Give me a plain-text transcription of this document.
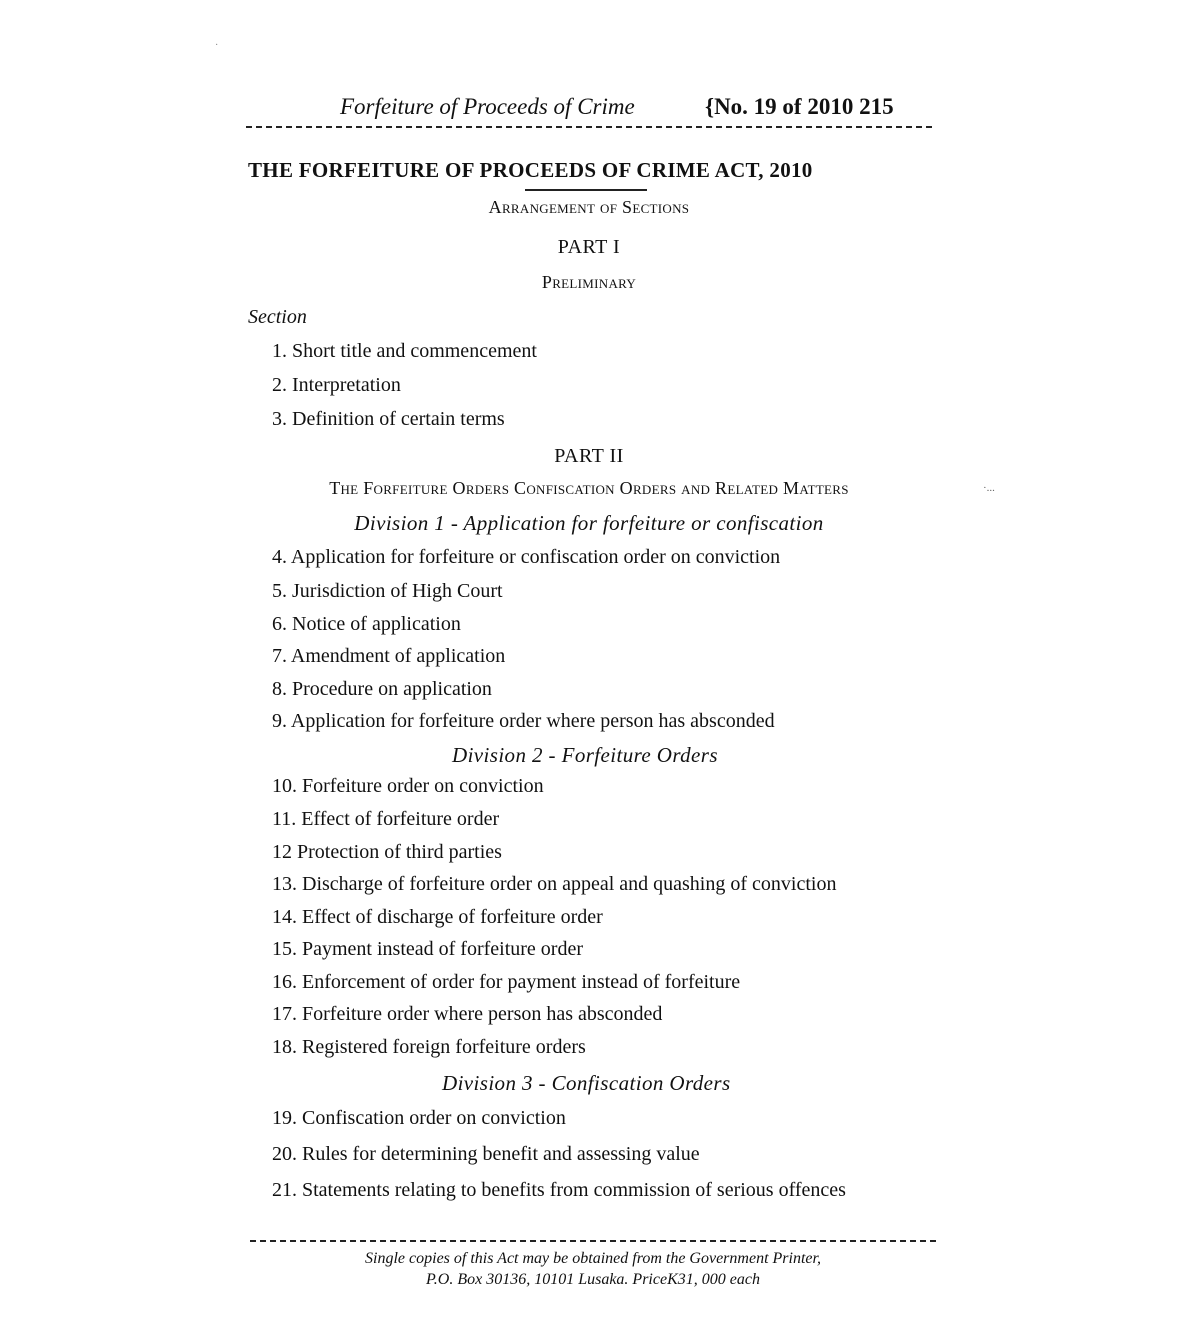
·
Forfeiture of Proceeds of Crime	{No. 19 of 2010 215
THE FORFEITURE OF PROCEEDS OF CRIME ACT, 2010
Arrangement of Sections
PART I
Preliminary
Section
1. Short title and commencement
2. Interpretation
3. Definition of certain terms
PART II
The Forfeiture Orders Confiscation Orders and Related Matters	·...
Division 1 - Application for forfeiture or confiscation
4. Application for forfeiture or confiscation order on conviction
5. Jurisdiction of High Court
6. Notice of application
7. Amendment of application
8. Procedure on application
9. Application for forfeiture order where person has absconded
Division 2 - Forfeiture Orders
10. Forfeiture order on conviction
11. Effect of forfeiture order
12 Protection of third parties
13. Discharge of forfeiture order on appeal and quashing of conviction
14. Effect of discharge of forfeiture order
15. Payment instead of forfeiture order
16. Enforcement of order for payment instead of forfeiture
17. Forfeiture order where person has absconded
18. Registered foreign forfeiture orders
Division 3 - Confiscation Orders
19. Confiscation order on conviction
20. Rules for determining benefit and assessing value
21. Statements relating to benefits from commission of serious offences
Single copies of this Act may be obtained from the Government Printer,
P.O. Box 30136, 10101 Lusaka. PriceK31, 000 each
